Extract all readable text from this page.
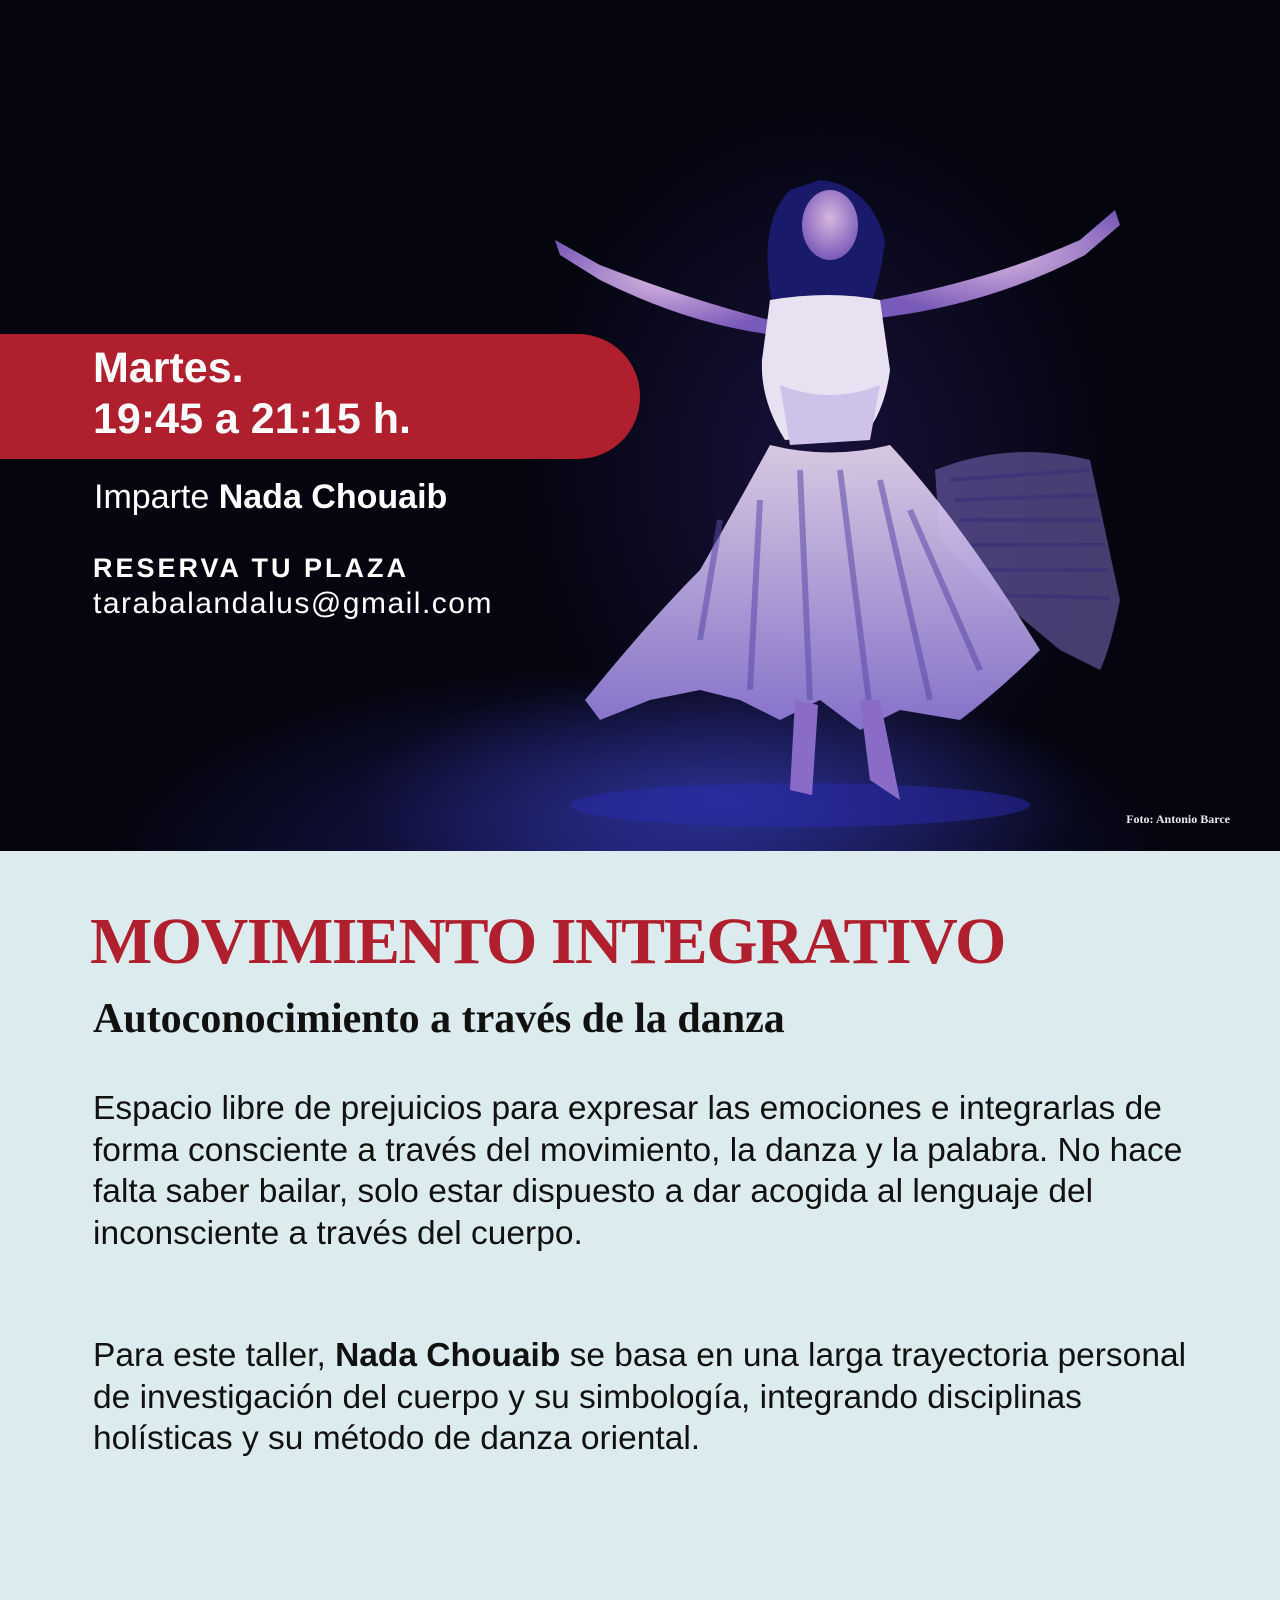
Foto: Antonio Barce
Martes.
19:45 a 21:15 h.
Imparte Nada Chouaib
RESERVA TU PLAZA
tarabalandalus@gmail.com
MOVIMIENTO INTEGRATIVO
Autoconocimiento a través de la danza
Espacio libre de prejuicios para expresar las emociones e integrarlas de forma consciente a través del movimiento, la danza y la palabra. No hace falta saber bailar, solo estar dispuesto a dar acogida al lenguaje del inconsciente a través del cuerpo.
Para este taller, Nada Chouaib se basa en una larga trayectoria personal de investigación del cuerpo y su simbología, integrando disciplinas holísticas y su método de danza oriental.
